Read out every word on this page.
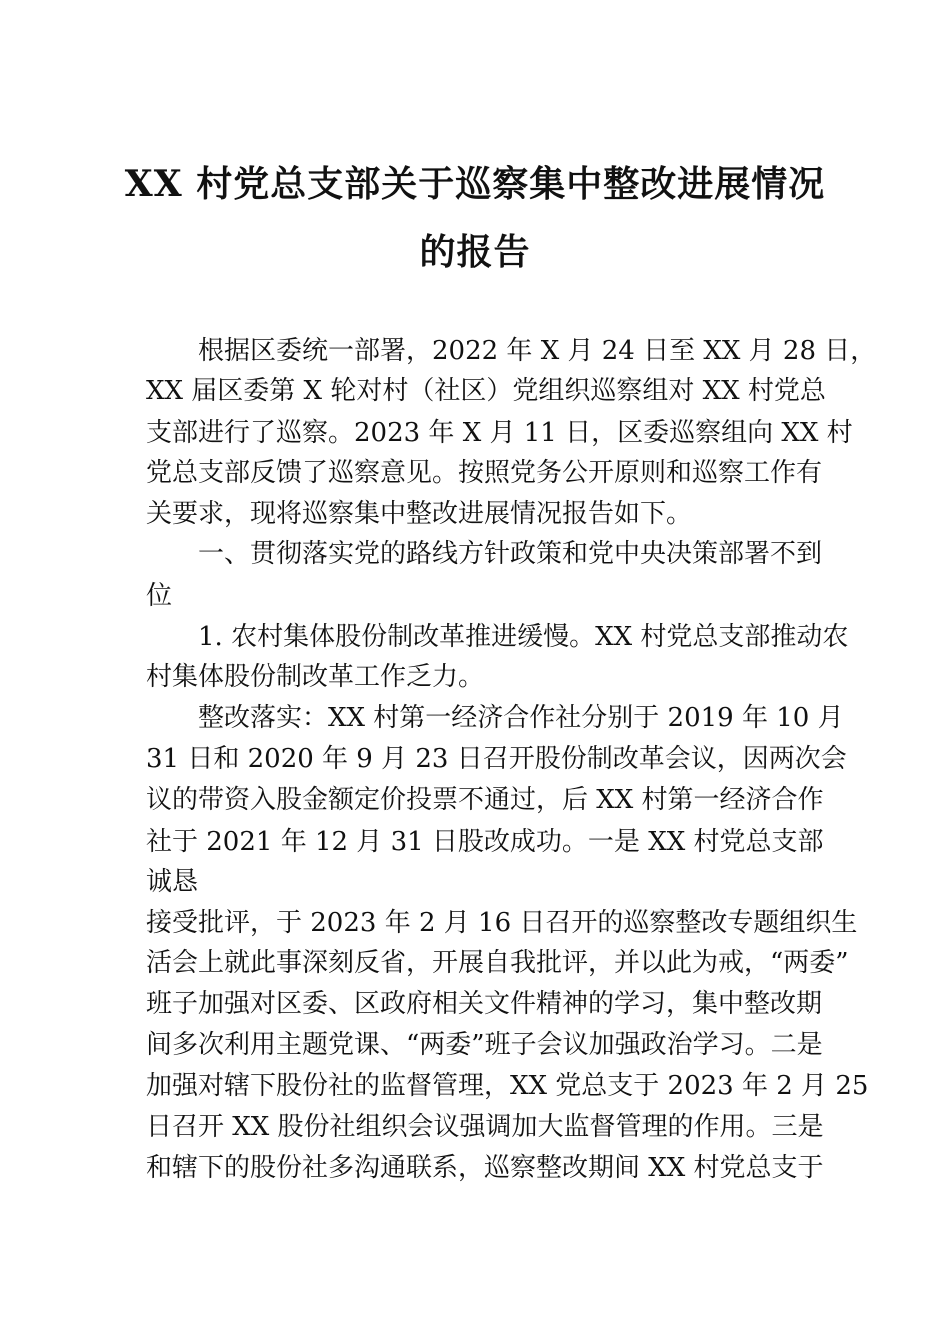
XX 村党总支部关于巡察集中整改进展情况
的报告
根据区委统一部署，2022 年 X 月 24 日至 XX 月 28 日，
XX 届区委第 X 轮对村（社区）党组织巡察组对 XX 村党总
支部进行了巡察。2023 年 X 月 11 日，区委巡察组向 XX 村
党总支部反馈了巡察意见。按照党务公开原则和巡察工作有
关要求，现将巡察集中整改进展情况报告如下。
一、贯彻落实党的路线方针政策和党中央决策部署不到
位
1. 农村集体股份制改革推进缓慢。XX 村党总支部推动农
村集体股份制改革工作乏力。
整改落实：XX 村第一经济合作社分别于 2019 年 10 月
31 日和 2020 年 9 月 23 日召开股份制改革会议，因两次会
议的带资入股金额定价投票不通过，后 XX 村第一经济合作
社于 2021 年 12 月 31 日股改成功。一是 XX 村党总支部
诚恳
接受批评，于 2023 年 2 月 16 日召开的巡察整改专题组织生
活会上就此事深刻反省，开展自我批评，并以此为戒，“两委”
班子加强对区委、区政府相关文件精神的学习，集中整改期
间多次利用主题党课、“两委”班子会议加强政治学习。二是
加强对辖下股份社的监督管理，XX 党总支于 2023 年 2 月 25
日召开 XX 股份社组织会议强调加大监督管理的作用。三是
和辖下的股份社多沟通联系，巡察整改期间 XX 村党总支于
